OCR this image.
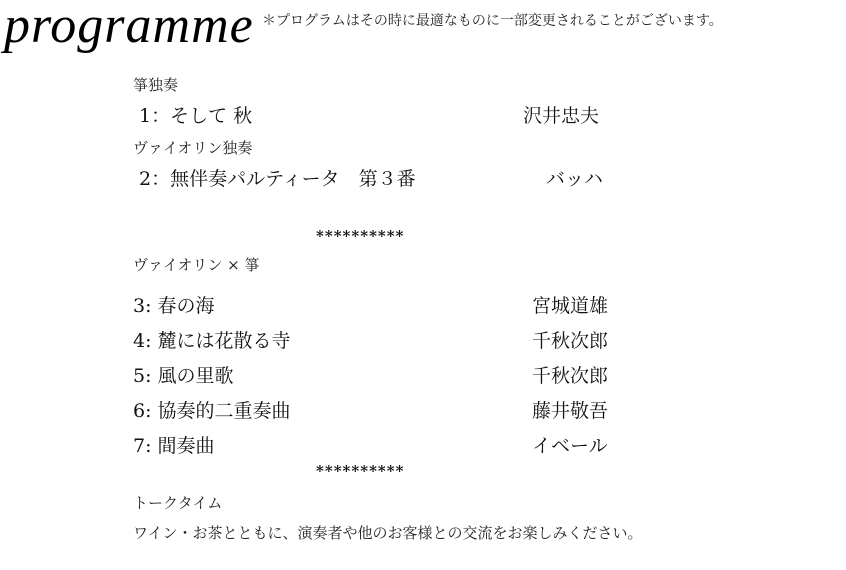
programme ＊プログラムはその時に最適なものに一部変更されることがございます。
箏独奏
1：そして 秋	沢井忠夫
ヴァイオリン独奏
2：無伴奏パルティータ　第３番	バッハ
**********
ヴァイオリン × 箏
3: 春の海	宮城道雄
4: 麓には花散る寺	千秋次郎
5: 風の里歌	千秋次郎
6: 協奏的二重奏曲	藤井敬吾
7: 間奏曲	イベール
**********
トークタイム
ワイン・お茶とともに、演奏者や他のお客様との交流をお楽しみください。
